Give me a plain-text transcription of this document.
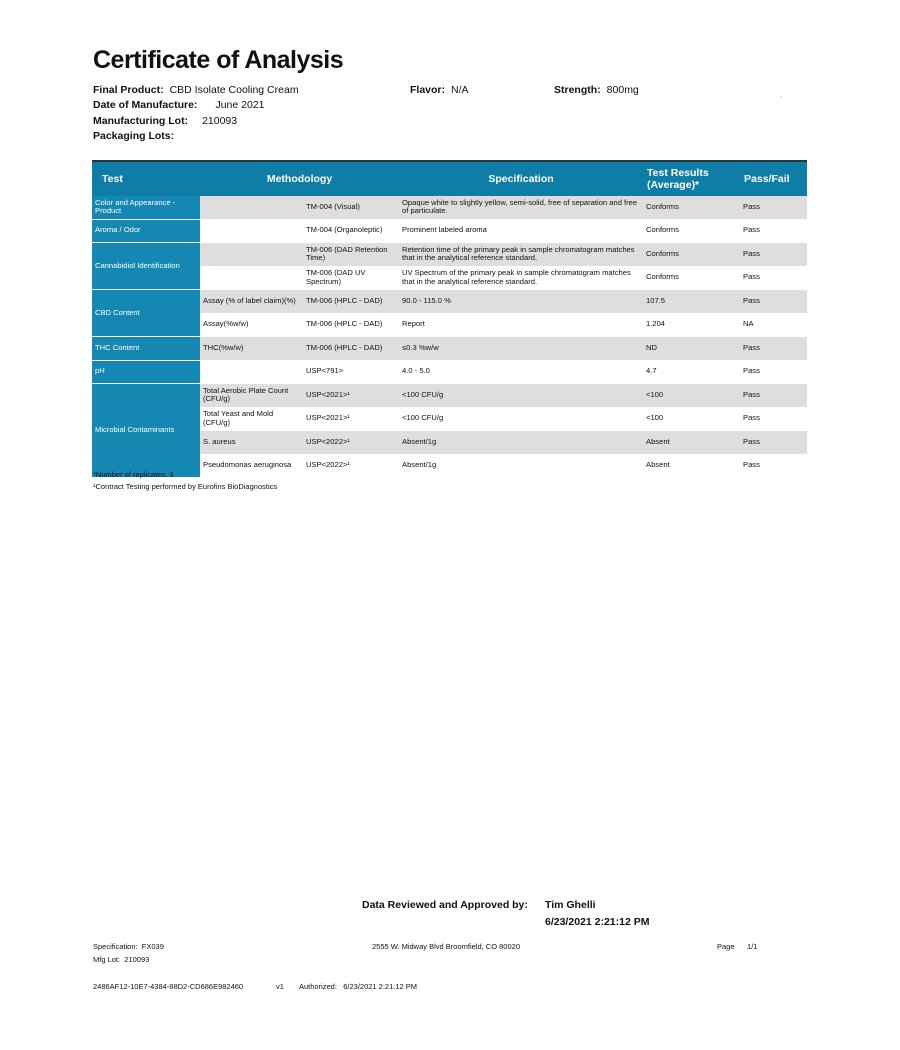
Certificate of Analysis
Final Product: CBD Isolate Cooling Cream	Flavor: N/A	Strength: 800mg	.
Date of Manufacture: June 2021
Manufacturing Lot: 210093
Packaging Lots:
Test	Methodology		Specification	Test Results (Average)*	Pass/Fail
Color and Appearance - Product		TM-004 (Visual)	Opaque white to slightly yellow, semi-solid, free of separation and free of particulate.	Conforms	Pass
Aroma / Odor		TM-004 (Organoleptic)	Prominent labeled aroma	Conforms	Pass
Cannabidiol Identification		TM-006 (DAD Retention Time)	Retention time of the primary peak in sample chromatogram matches that in the analytical reference standard.	Conforms	Pass
		TM-006 (DAD UV Spectrum)	UV Spectrum of the primary peak in sample chromatogram matches that in the analytical reference standard.	Conforms	Pass
CBD Content	Assay (% of label claim)(%)	TM-006 (HPLC - DAD)	90.0 - 115.0 %	107.5	Pass
	Assay(%w/w)	TM-006 (HPLC - DAD)	Report	1.204	NA
THC Content	THC(%w/w)	TM-006 (HPLC - DAD)	≤0.3 %w/w	ND	Pass
pH		USP<791>	4.0 - 5.0	4.7	Pass
Microbial Contaminants	Total Aerobic Plate Count (CFU/g)	USP<2021>¹	<100 CFU/g	<100	Pass
	Total Yeast and Mold (CFU/g)	USP<2021>¹	<100 CFU/g	<100	Pass
	S. aureus	USP<2022>¹	Absent/1g	Absent	Pass
	Pseudomonas aeruginosa	USP<2022>¹	Absent/1g	Absent	Pass
*Number of replicates: 3
¹Contract Testing performed by Eurofins BioDiagnostics
Data Reviewed and Approved by: Tim Ghelli
6/23/2021 2:21:12 PM
Specification: FX039
Mfg Lot: 210093
2555 W. Midway Blvd Broomfield, CO 80020	Page 1/1
2486AF12-10E7-4384-88D2-CD686E982460	v1 Authorized: 6/23/2021 2:21:12 PM
